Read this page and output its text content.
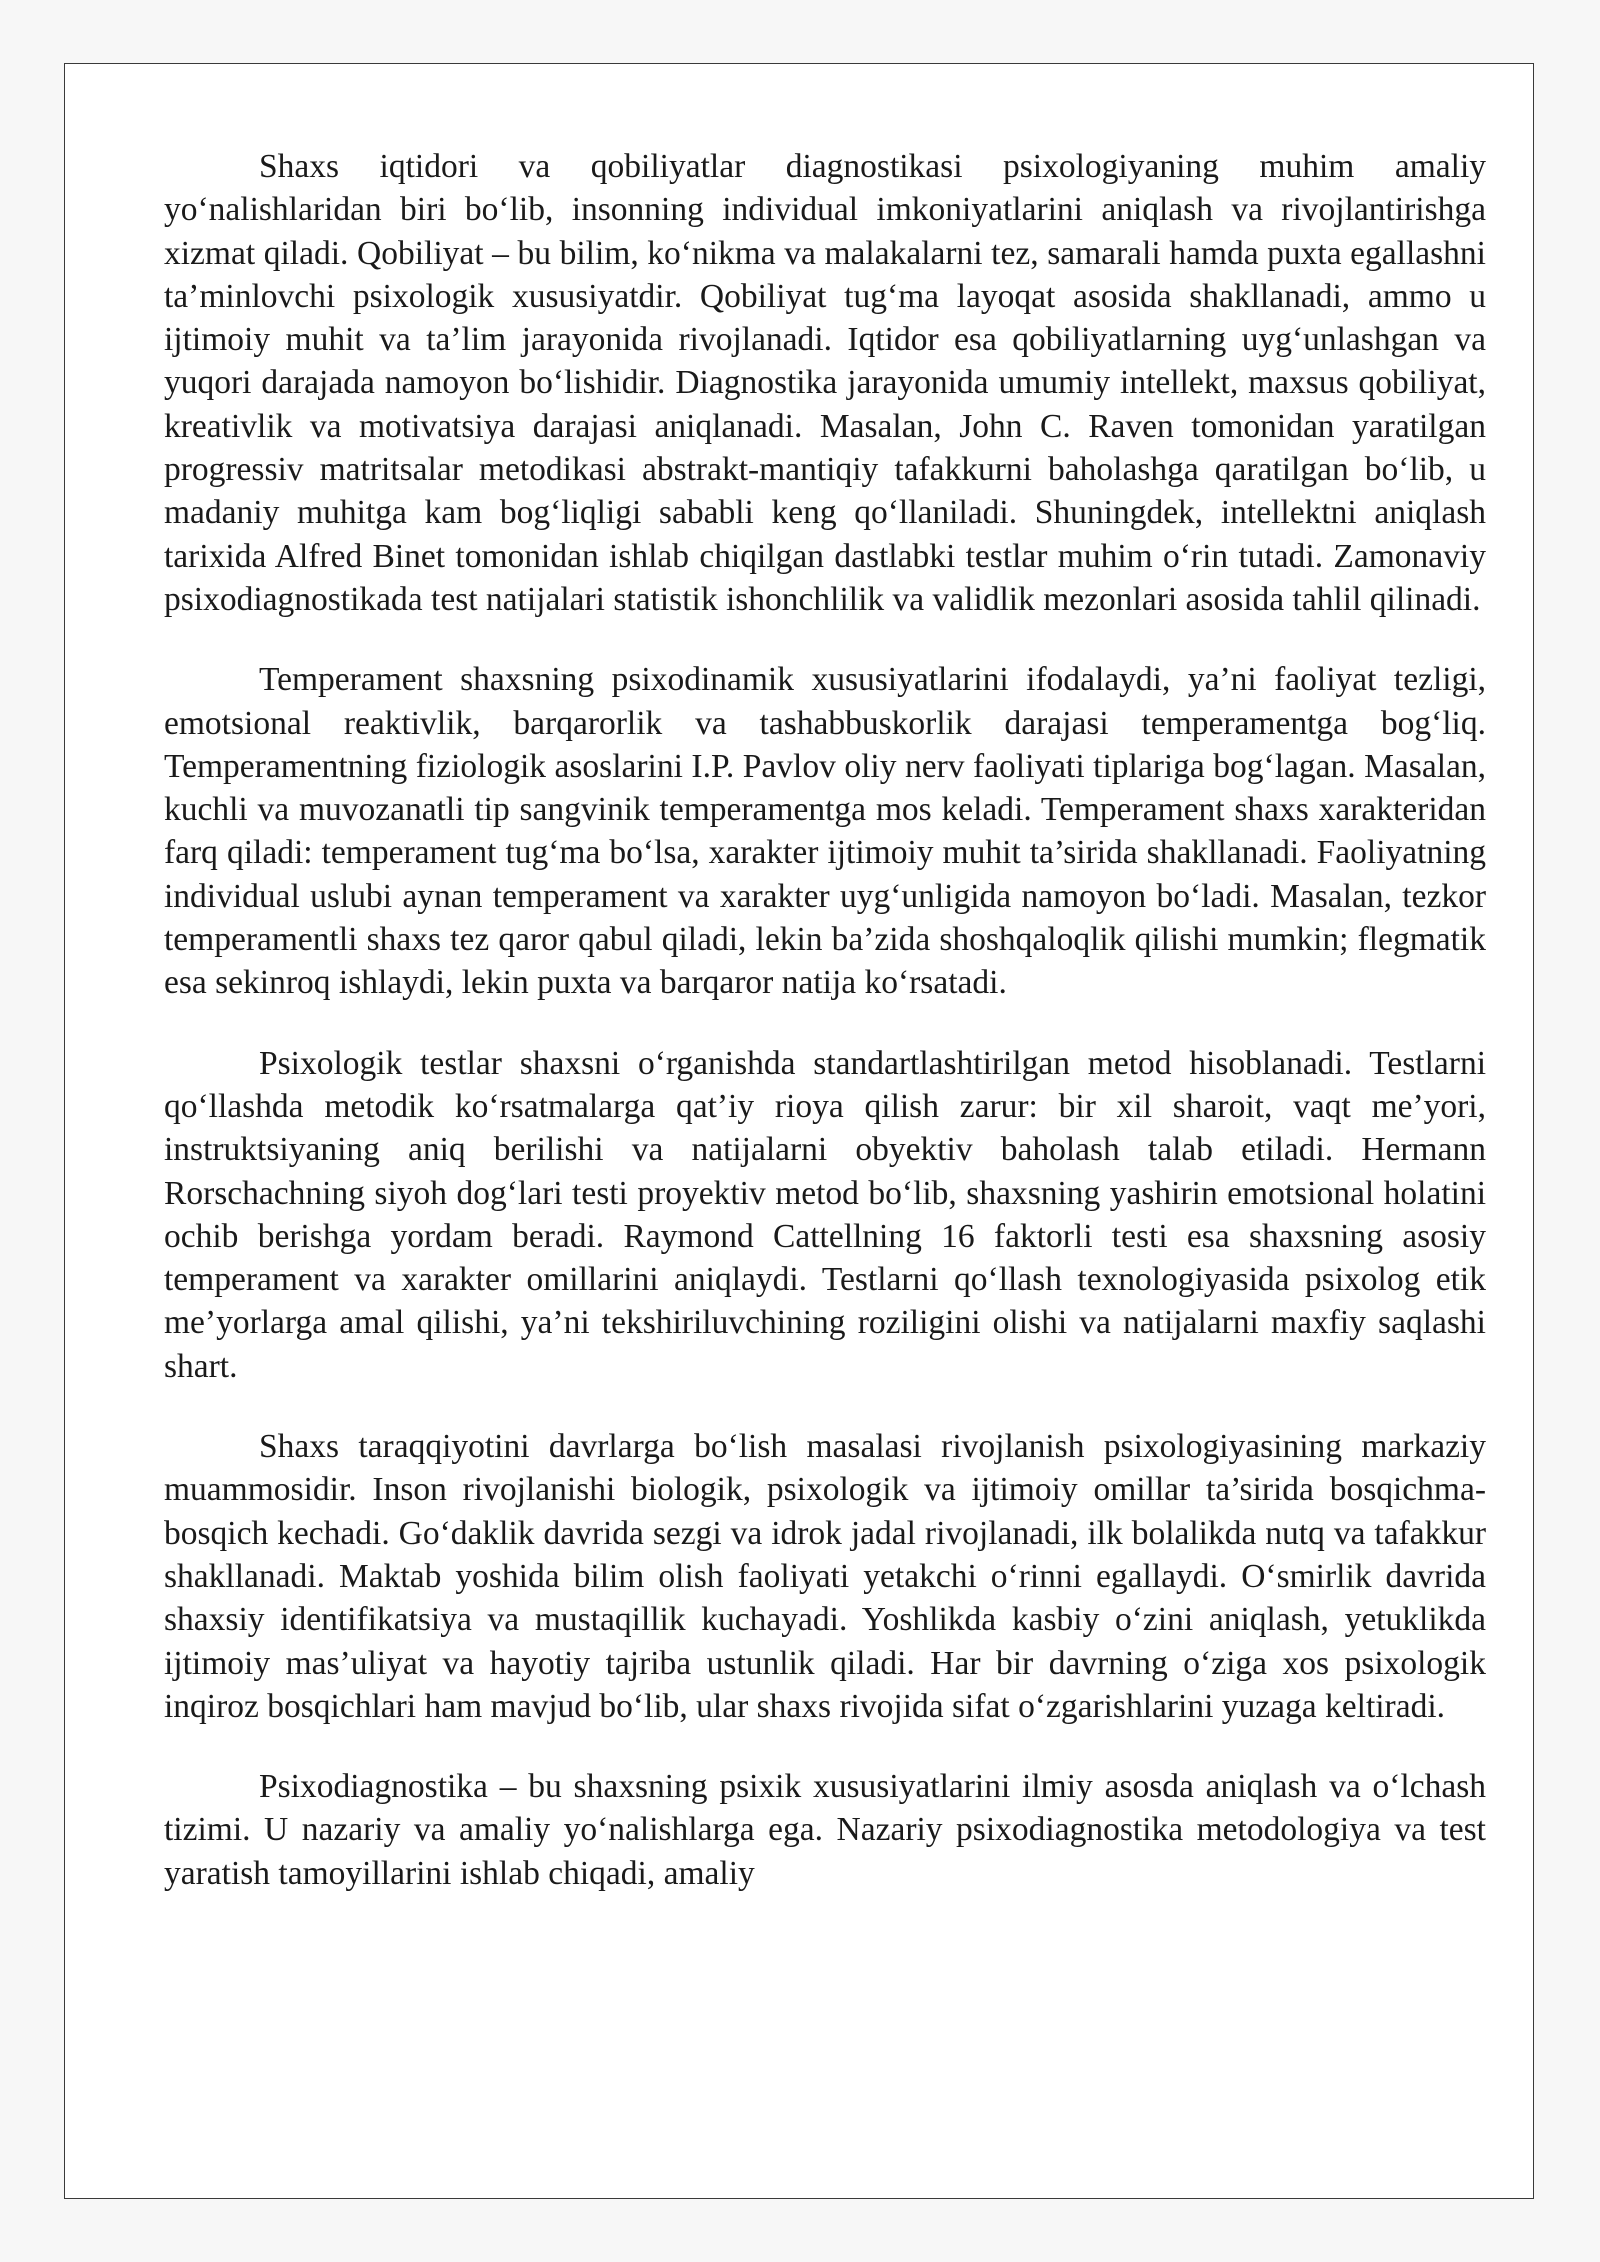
Shaxs iqtidori va qobiliyatlar diagnostikasi psixologiyaning muhim amaliy yo‘nalishlaridan biri bo‘lib, insonning individual imkoniyatlarini aniqlash va rivojlantirishga xizmat qiladi. Qobiliyat – bu bilim, ko‘nikma va malakalarni tez, samarali hamda puxta egallashni ta’minlovchi psixologik xususiyatdir. Qobiliyat tug‘ma layoqat asosida shakllanadi, ammo u ijtimoiy muhit va ta’lim jarayonida rivojlanadi. Iqtidor esa qobiliyatlarning uyg‘unlashgan va yuqori darajada namoyon bo‘lishidir. Diagnostika jarayonida umumiy intellekt, maxsus qobiliyat, kreativlik va motivatsiya darajasi aniqlanadi. Masalan, John C. Raven tomonidan yaratilgan progressiv matritsalar metodikasi abstrakt-mantiqiy tafakkurni baholashga qaratilgan bo‘lib, u madaniy muhitga kam bog‘liqligi sababli keng qo‘llaniladi. Shuningdek, intellektni aniqlash tarixida Alfred Binet tomonidan ishlab chiqilgan dastlabki testlar muhim o‘rin tutadi. Zamonaviy psixodiagnostikada test natijalari statistik ishonchlilik va validlik mezonlari asosida tahlil qilinadi.

Temperament shaxsning psixodinamik xususiyatlarini ifodalaydi, ya’ni faoliyat tezligi, emotsional reaktivlik, barqarorlik va tashabbuskorlik darajasi temperamentga bog‘liq. Temperamentning fiziologik asoslarini I.P. Pavlov oliy nerv faoliyati tiplariga bog‘lagan. Masalan, kuchli va muvozanatli tip sangvinik temperamentga mos keladi. Temperament shaxs xarakteridan farq qiladi: temperament tug‘ma bo‘lsa, xarakter ijtimoiy muhit ta’sirida shakllanadi. Faoliyatning individual uslubi aynan temperament va xarakter uyg‘unligida namoyon bo‘ladi. Masalan, tezkor temperamentli shaxs tez qaror qabul qiladi, lekin ba’zida shoshqaloqlik qilishi mumkin; flegmatik esa sekinroq ishlaydi, lekin puxta va barqaror natija ko‘rsatadi.

Psixologik testlar shaxsni o‘rganishda standartlashtirilgan metod hisoblanadi. Testlarni qo‘llashda metodik ko‘rsatmalarga qat’iy rioya qilish zarur: bir xil sharoit, vaqt me’yori, instruktsiyaning aniq berilishi va natijalarni obyektiv baholash talab etiladi. Hermann Rorschachning siyoh dog‘lari testi proyektiv metod bo‘lib, shaxsning yashirin emotsional holatini ochib berishga yordam beradi. Raymond Cattellning 16 faktorli testi esa shaxsning asosiy temperament va xarakter omillarini aniqlaydi. Testlarni qo‘llash texnologiyasida psixolog etik me’yorlarga amal qilishi, ya’ni tekshiriluvchining roziligini olishi va natijalarni maxfiy saqlashi shart.

Shaxs taraqqiyotini davrlarga bo‘lish masalasi rivojlanish psixologiyasining markaziy muammosidir. Inson rivojlanishi biologik, psixologik va ijtimoiy omillar ta’sirida bosqichma-bosqich kechadi. Go‘daklik davrida sezgi va idrok jadal rivojlanadi, ilk bolalikda nutq va tafakkur shakllanadi. Maktab yoshida bilim olish faoliyati yetakchi o‘rinni egallaydi. O‘smirlik davrida shaxsiy identifikatsiya va mustaqillik kuchayadi. Yoshlikda kasbiy o‘zini aniqlash, yetuklikda ijtimoiy mas’uliyat va hayotiy tajriba ustunlik qiladi. Har bir davrning o‘ziga xos psixologik inqiroz bosqichlari ham mavjud bo‘lib, ular shaxs rivojida sifat o‘zgarishlarini yuzaga keltiradi.

Psixodiagnostika – bu shaxsning psixik xususiyatlarini ilmiy asosda aniqlash va o‘lchash tizimi. U nazariy va amaliy yo‘nalishlarga ega. Nazariy psixodiagnostika metodologiya va test yaratish tamoyillarini ishlab chiqadi, amaliy
